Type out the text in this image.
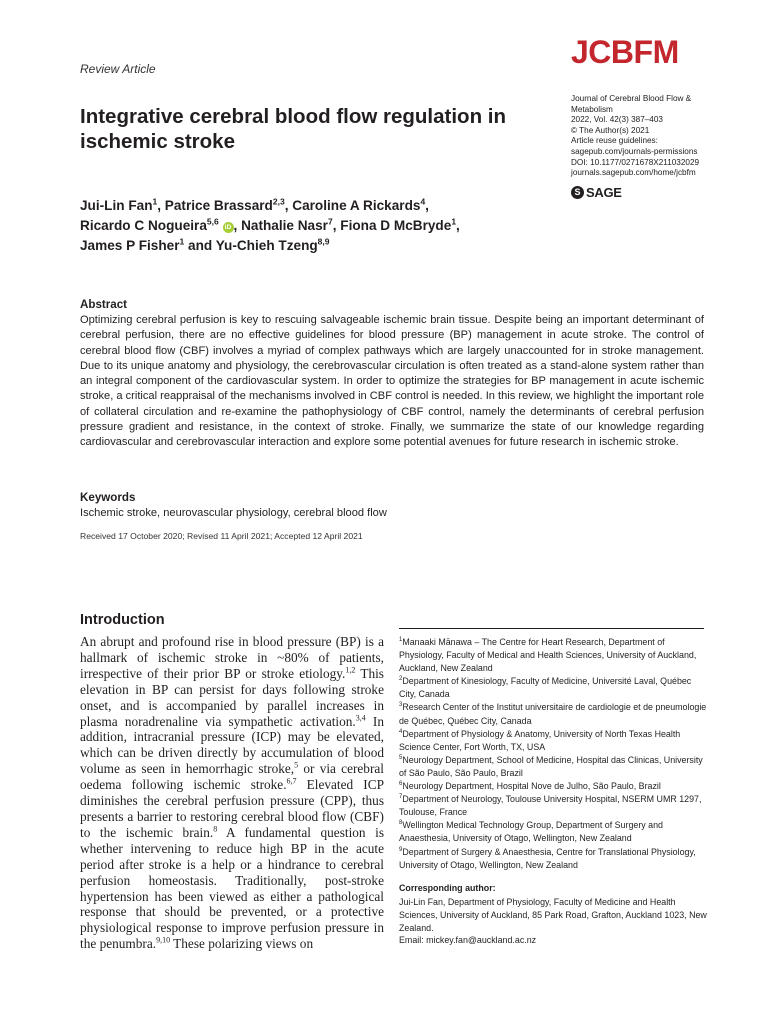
Review Article	JCBFM
Journal of Cerebral Blood Flow &
Metabolism
2022, Vol. 42(3) 387–403
© The Author(s) 2021
Article reuse guidelines:
sagepub.com/journals-permissions
DOI: 10.1177/0271678X211032029
journals.sagepub.com/home/jcbfm
S SAGE
Integrative cerebral blood flow regulation in ischemic stroke
Jui-Lin Fan$^1$, Patrice Brassard$^{2,3}$, Caroline A Rickards$^4$,
Ricardo C Nogueira$^{5,6}$ iD , Nathalie Nasr$^7$, Fiona D McBryde$^1$,
James P Fisher$^1$ and Yu-Chieh Tzeng$^{8,9}$
Abstract
Optimizing cerebral perfusion is key to rescuing salvageable ischemic brain tissue. Despite being an important determinant of cerebral perfusion, there are no effective guidelines for blood pressure (BP) management in acute stroke. The control of cerebral blood flow (CBF) involves a myriad of complex pathways which are largely unaccounted for in stroke management. Due to its unique anatomy and physiology, the cerebrovascular circulation is often treated as a stand-alone system rather than an integral component of the cardiovascular system. In order to optimize the strategies for BP management in acute ischemic stroke, a critical reappraisal of the mechanisms involved in CBF control is needed. In this review, we highlight the important role of collateral circulation and re-examine the pathophysiology of CBF control, namely the determinants of cerebral perfusion pressure gradient and resistance, in the context of stroke. Finally, we summarize the state of our knowledge regarding cardiovascular and cerebrovascular interaction and explore some potential avenues for future research in ischemic stroke.
Keywords
Ischemic stroke, neurovascular physiology, cerebral blood flow
Received 17 October 2020; Revised 11 April 2021; Accepted 12 April 2021
Introduction
An abrupt and profound rise in blood pressure (BP) is a hallmark of ischemic stroke in ~80% of patients, irrespective of their prior BP or stroke etiology.$^{1,2}$ This elevation in BP can persist for days following stroke onset, and is accompanied by parallel increases in plasma noradrenaline via sympathetic activation.$^{3,4}$ In addition, intracranial pressure (ICP) may be elevated, which can be driven directly by accumulation of blood volume as seen in hemorrhagic stroke,$^5$ or via cerebral oedema following ischemic stroke.$^{6,7}$ Elevated ICP diminishes the cerebral perfusion pressure (CPP), thus presents a barrier to restoring cerebral blood flow (CBF) to the ischemic brain.$^8$ A fundamental question is whether intervening to reduce high BP in the acute period after stroke is a help or a hindrance to cerebral perfusion homeostasis. Traditionally, post-stroke hypertension has been viewed as either a pathological response that should be prevented, or a protective physiological response to improve perfusion pressure in the penumbra.$^{9,10}$ These polarizing views on
$^1$Manaaki Mānawa – The Centre for Heart Research, Department of Physiology, Faculty of Medical and Health Sciences, University of Auckland, Auckland, New Zealand
$^2$Department of Kinesiology, Faculty of Medicine, Université Laval, Québec City, Canada
$^3$Research Center of the Institut universitaire de cardiologie et de pneumologie de Québec, Québec City, Canada
$^4$Department of Physiology & Anatomy, University of North Texas Health Science Center, Fort Worth, TX, USA
$^5$Neurology Department, School of Medicine, Hospital das Clinicas, University of São Paulo, São Paulo, Brazil
$^6$Neurology Department, Hospital Nove de Julho, São Paulo, Brazil
$^7$Department of Neurology, Toulouse University Hospital, NSERM UMR 1297, Toulouse, France
$^8$Wellington Medical Technology Group, Department of Surgery and Anaesthesia, University of Otago, Wellington, New Zealand
$^9$Department of Surgery & Anaesthesia, Centre for Translational Physiology, University of Otago, Wellington, New Zealand
Corresponding author:
Jui-Lin Fan, Department of Physiology, Faculty of Medicine and Health Sciences, University of Auckland, 85 Park Road, Grafton, Auckland 1023, New Zealand.
Email: mickey.fan@auckland.ac.nz
